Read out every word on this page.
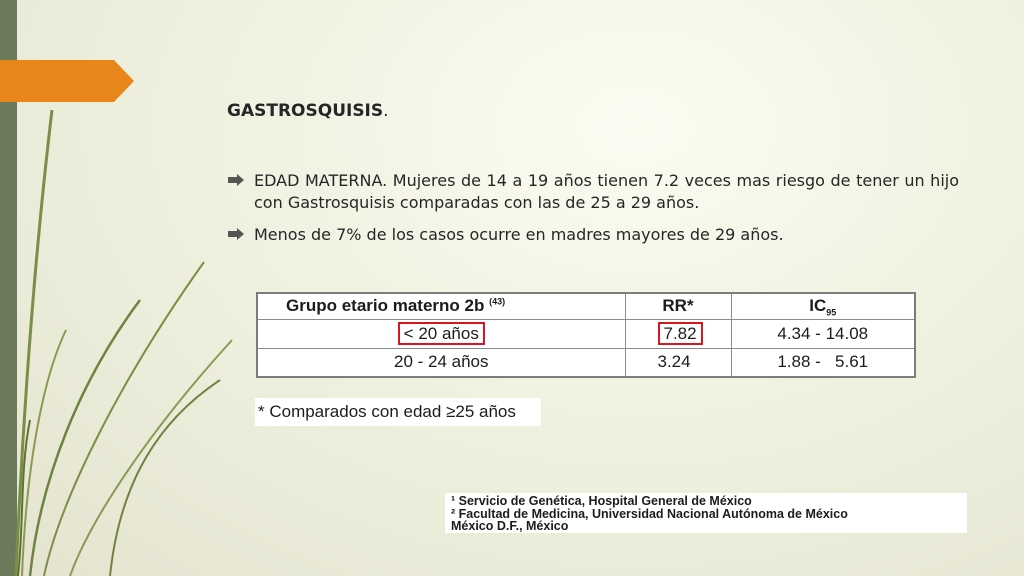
GASTROSQUISIS.
EDAD MATERNA. Mujeres de 14 a 19 años tienen 7.2 veces mas riesgo de tener un hijo con Gastrosquisis comparadas con las de 25 a 29 años.
Menos de 7% de los casos ocurre en madres mayores de 29 años.
Grupo etario materno 2b $^{(43)}$	RR*	$IC_{95}$
< 20 años	7.82	4.34 - 14.08
20 - 24 años	3.24	1.88 -   5.61
* Comparados con edad ≥25 años
¹ Servicio de Genética, Hospital General de México
² Facultad de Medicina, Universidad Nacional Autónoma de México
México D.F., México
